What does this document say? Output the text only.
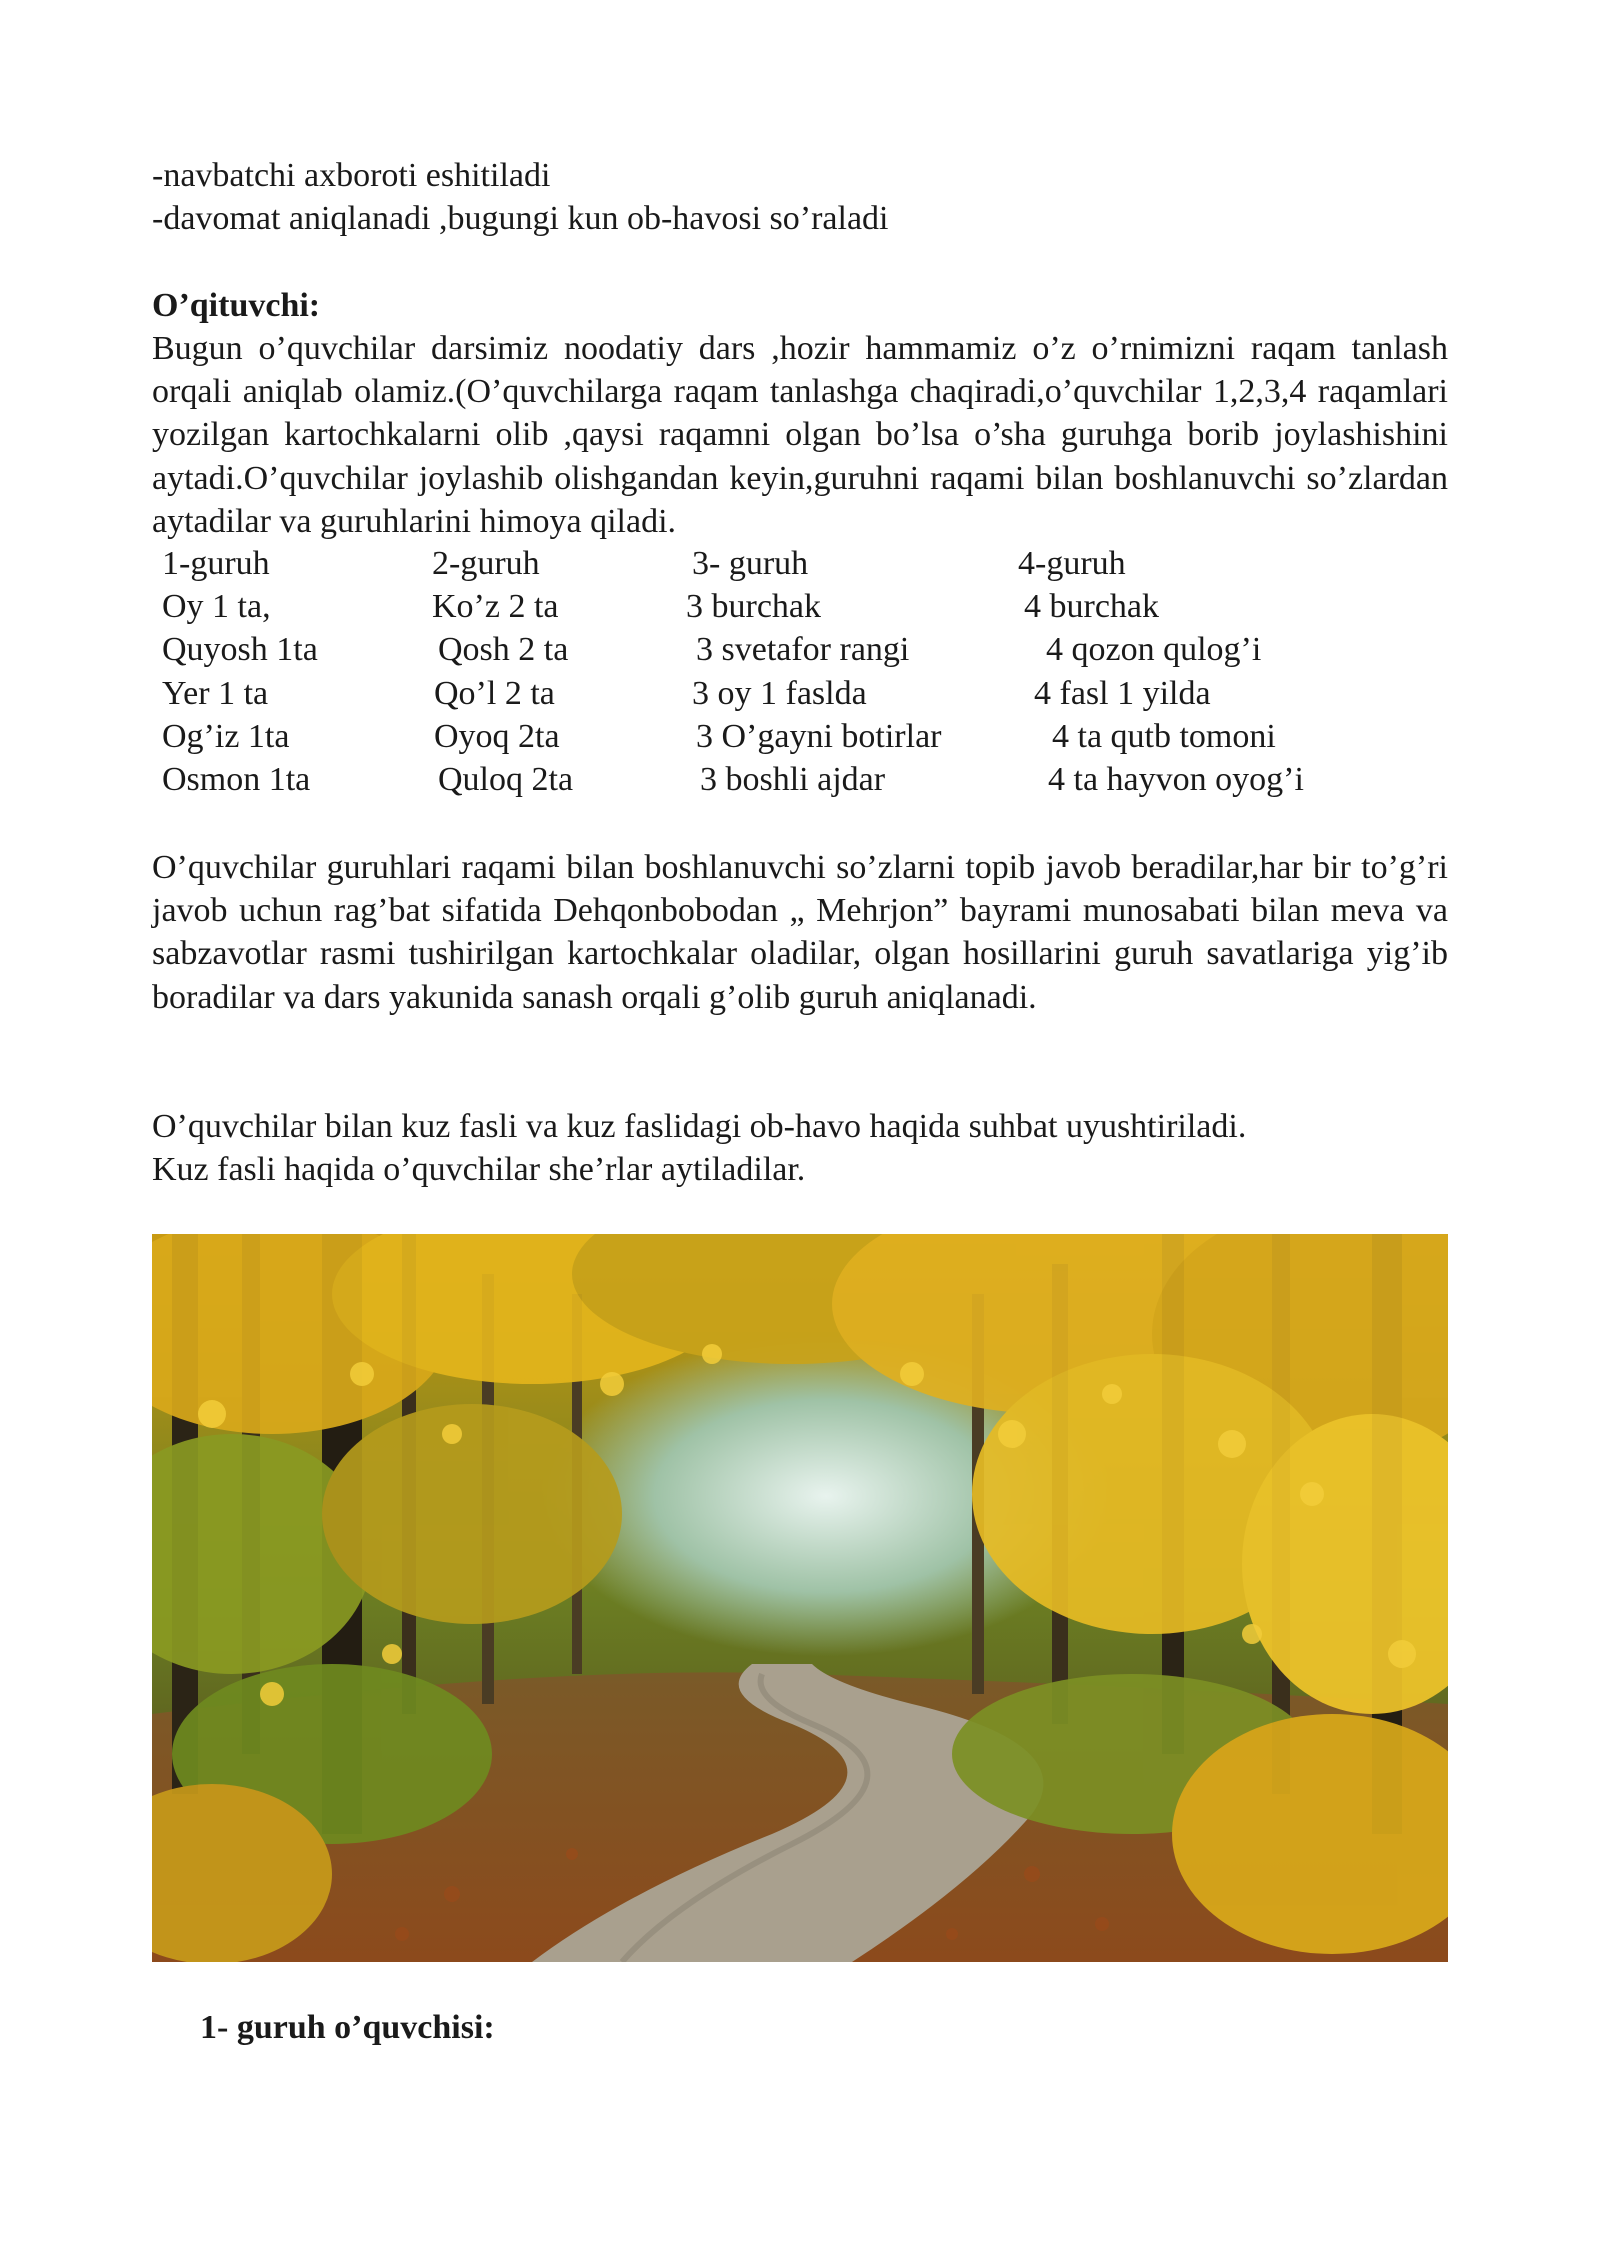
-navbatchi axboroti eshitiladi
-davomat aniqlanadi ,bugungi kun ob-havosi so’raladi
O’qituvchi:
Bugun o’quvchilar darsimiz noodatiy dars ,hozir hammamiz o’z o’rnimizni raqam tanlash orqali aniqlab olamiz.(O’quvchilarga raqam tanlashga chaqiradi,o’quvchilar 1,2,3,4 raqamlari yozilgan kartochkalarni olib ,qaysi raqamni olgan bo’lsa o’sha guruhga borib joylashishini aytadi.O’quvchilar joylashib olishgandan keyin,guruhni raqami bilan boshlanuvchi so’zlardan aytadilar va guruhlarini himoya qiladi.
1-guruh	2-guruh	3- guruh	4-guruh
Oy 1 ta,	Ko’z 2 ta	3 burchak	4 burchak
Quyosh 1ta	Qosh 2 ta	3 svetafor rangi	4 qozon qulog’i
Yer 1 ta	Qo’l 2 ta	3 oy 1 faslda	4 fasl 1 yilda
Og’iz 1ta	Oyoq 2ta	3 O’gayni botirlar	4 ta qutb tomoni
Osmon 1ta	Quloq 2ta	3 boshli ajdar	4 ta hayvon oyog’i
O’quvchilar guruhlari raqami bilan boshlanuvchi so’zlarni topib javob beradilar,har bir to’g’ri javob uchun rag’bat sifatida Dehqonbobodan „ Mehrjon” bayrami munosabati bilan meva va sabzavotlar rasmi tushirilgan kartochkalar oladilar, olgan hosillarini guruh savatlariga yig’ib boradilar va dars yakunida sanash orqali g’olib guruh aniqlanadi.
O’quvchilar bilan kuz fasli va kuz faslidagi ob-havo haqida suhbat uyushtiriladi.
Kuz fasli haqida o’quvchilar she’rlar aytiladilar.
1- guruh o’quvchisi:
